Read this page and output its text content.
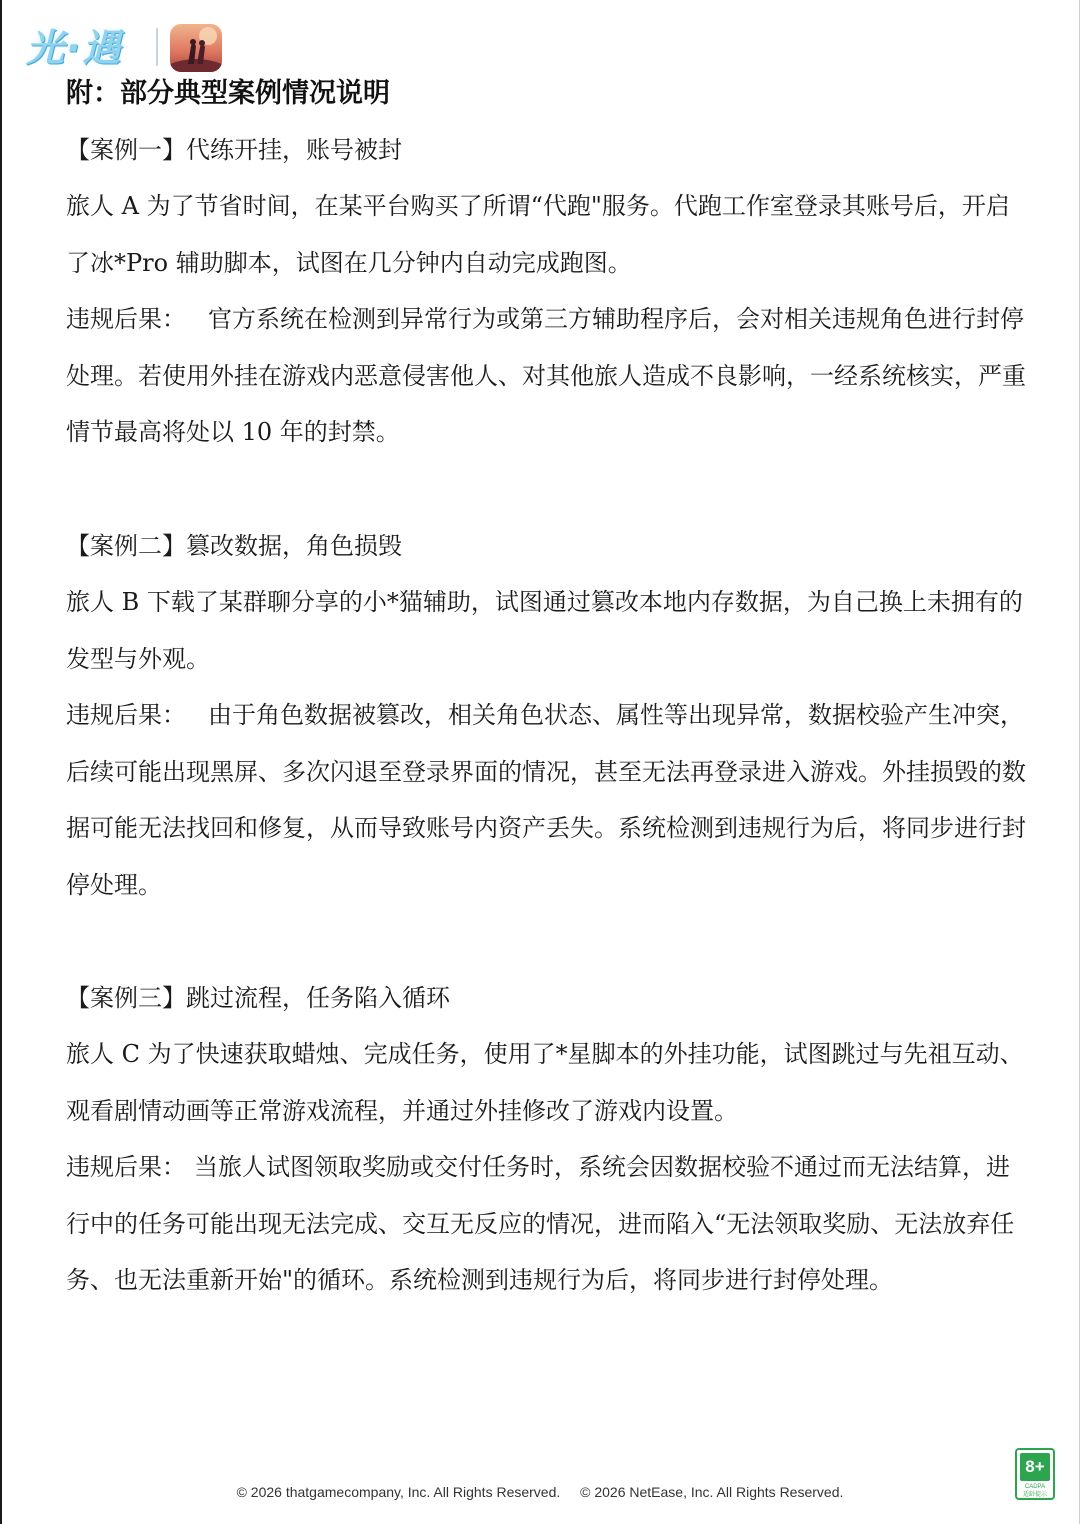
光·遇
附：部分典型案例情况说明

【案例一】代练开挂，账号被封

旅人 A 为了节省时间，在某平台购买了所谓“代跑"服务。代跑工作室登录其账号后，开启了冰*Pro 辅助脚本，试图在几分钟内自动完成跑图。

违规后果： 官方系统在检测到异常行为或第三方辅助程序后，会对相关违规角色进行封停处理。若使用外挂在游戏内恶意侵害他人、对其他旅人造成不良影响，一经系统核实，严重情节最高将处以 10 年的封禁。

【案例二】篡改数据，角色损毁

旅人 B 下载了某群聊分享的小*猫辅助，试图通过篡改本地内存数据，为自己换上未拥有的发型与外观。

违规后果： 由于角色数据被篡改，相关角色状态、属性等出现异常，数据校验产生冲突，后续可能出现黑屏、多次闪退至登录界面的情况，甚至无法再登录进入游戏。外挂损毁的数据可能无法找回和修复，从而导致账号内资产丢失。系统检测到违规行为后，将同步进行封停处理。

【案例三】跳过流程，任务陷入循环

旅人 C 为了快速获取蜡烛、完成任务，使用了*星脚本的外挂功能，试图跳过与先祖互动、观看剧情动画等正常游戏流程，并通过外挂修改了游戏内设置。

违规后果： 当旅人试图领取奖励或交付任务时，系统会因数据校验不通过而无法结算，进行中的任务可能出现无法完成、交互无反应的情况，进而陷入“无法领取奖励、无法放弃任务、也无法重新开始"的循环。系统检测到违规行为后，将同步进行封停处理。

© 2026 thatgamecompany, Inc. All Rights Reserved. © 2026 NetEase, Inc. All Rights Reserved.
8+
CADPA
适龄提示
